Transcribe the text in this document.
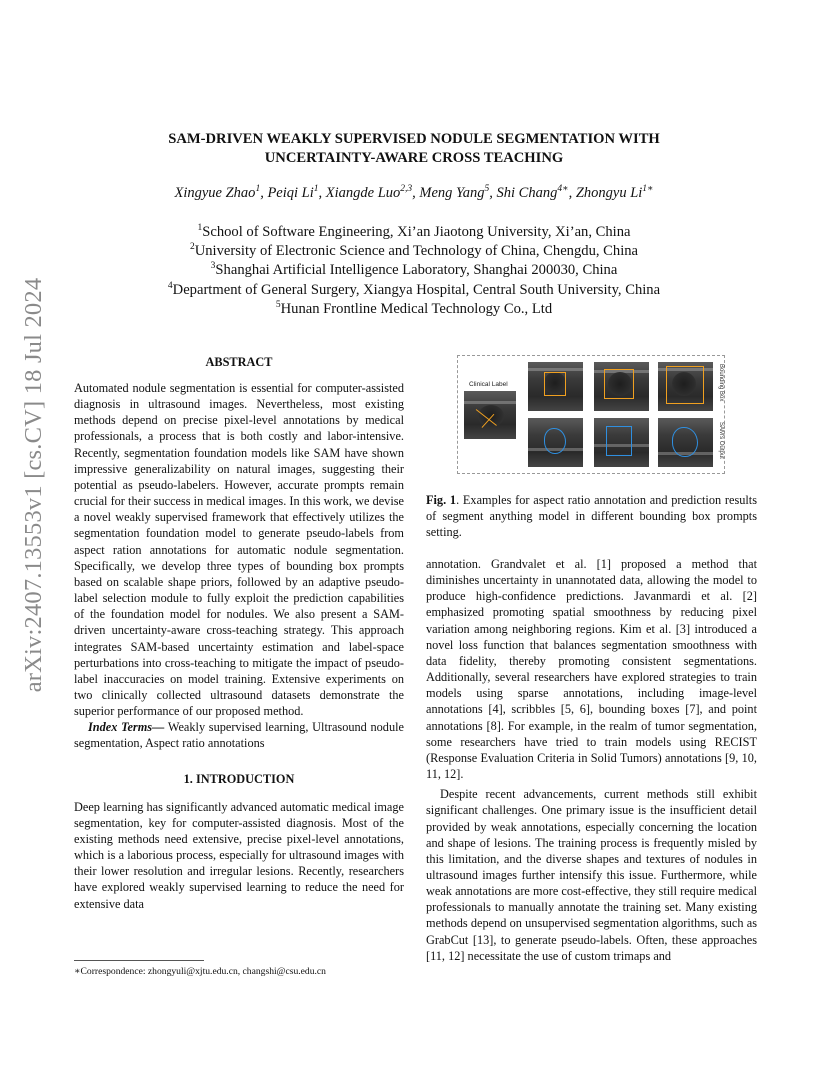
arXiv:2407.13553v1 [cs.CV] 18 Jul 2024
SAM-DRIVEN WEAKLY SUPERVISED NODULE SEGMENTATION WITH
UNCERTAINTY-AWARE CROSS TEACHING
Xingyue Zhao$^1$, Peiqi Li$^1$, Xiangde Luo$^{2,3}$, Meng Yang$^5$, Shi Chang$^{4∗}$, Zhongyu $Li^{1∗}$
$^1$School of Software Engineering, Xi’an Jiaotong University, Xi’an, China
$^2$University of Electronic Science and Technology of China, Chengdu, China
$^3$Shanghai Artificial Intelligence Laboratory, Shanghai 200030, China
$^4$Department of General Surgery, Xiangya Hospital, Central South University, China
$^5$Hunan Frontline Medical Technology Co., Ltd
ABSTRACT

Automated nodule segmentation is essential for computer-assisted diagnosis in ultrasound images. Nevertheless, most existing methods depend on precise pixel-level annotations by medical professionals, a process that is both costly and labor-intensive. Recently, segmentation foundation models like SAM have shown impressive generalizability on natural images, suggesting their potential as pseudo-labelers. However, accurate prompts remain crucial for their success in medical images. In this work, we devise a novel weakly supervised framework that effectively utilizes the segmentation foundation model to generate pseudo-labels from aspect ration annotations for automatic nodule segmentation. Specifically, we develop three types of bounding box prompts based on scalable shape priors, followed by an adaptive pseudo-label selection module to fully exploit the prediction capabilities of the foundation model for nodules. We also present a SAM-driven uncertainty-aware cross-teaching strategy. This approach integrates SAM-based uncertainty estimation and label-space perturbations into cross-teaching to mitigate the impact of pseudo-label inaccuracies on model training. Extensive experiments on two clinically collected ultrasound datasets demonstrate the superior performance of our proposed method.

Index Terms— Weakly supervised learning, Ultrasound nodule segmentation, Aspect ratio annotations

1. INTRODUCTION

Deep learning has significantly advanced automatic medical image segmentation, key for computer-assisted diagnosis. Most of the existing methods need extensive, precise pixel-level annotations, which is a laborious process, especially for ultrasound images with their lower resolution and irregular lesions. Recently, researchers have explored weakly supervised learning to reduce the need for extensive data

∗Correspondence: zhongyuli@xjtu.edu.cn, changshi@csu.edu.cn
Clinical Label	Bounding Box
SAM's Output
Fig. 1. Examples for aspect ratio annotation and prediction results of segment anything model in different bounding box prompts setting.

annotation. Grandvalet et al. [1] proposed a method that diminishes uncertainty in unannotated data, allowing the model to produce high-confidence predictions. Javanmardi et al. [2] emphasized promoting spatial smoothness by reducing pixel variation among neighboring regions. Kim et al. [3] introduced a novel loss function that balances segmentation smoothness with data fidelity, thereby promoting consistent segmentations. Additionally, several researchers have explored strategies to train models using sparse annotations, including image-level annotations [4], scribbles [5, 6], bounding boxes [7], and point annotations [8]. For example, in the realm of tumor segmentation, some researchers have tried to train models using RECIST (Response Evaluation Criteria in Solid Tumors) annotations [9, 10, 11, 12].

Despite recent advancements, current methods still exhibit significant challenges. One primary issue is the insufficient detail provided by weak annotations, especially concerning the location and shape of lesions. The training process is frequently misled by this limitation, and the diverse shapes and textures of nodules in ultrasound images further intensify this issue. Furthermore, while weak annotations are more cost-effective, they still require medical professionals to manually annotate the training set. Many existing methods depend on unsupervised segmentation algorithms, such as GrabCut [13], to generate pseudo-labels. Often, these approaches [11, 12] necessitate the use of custom trimaps and
